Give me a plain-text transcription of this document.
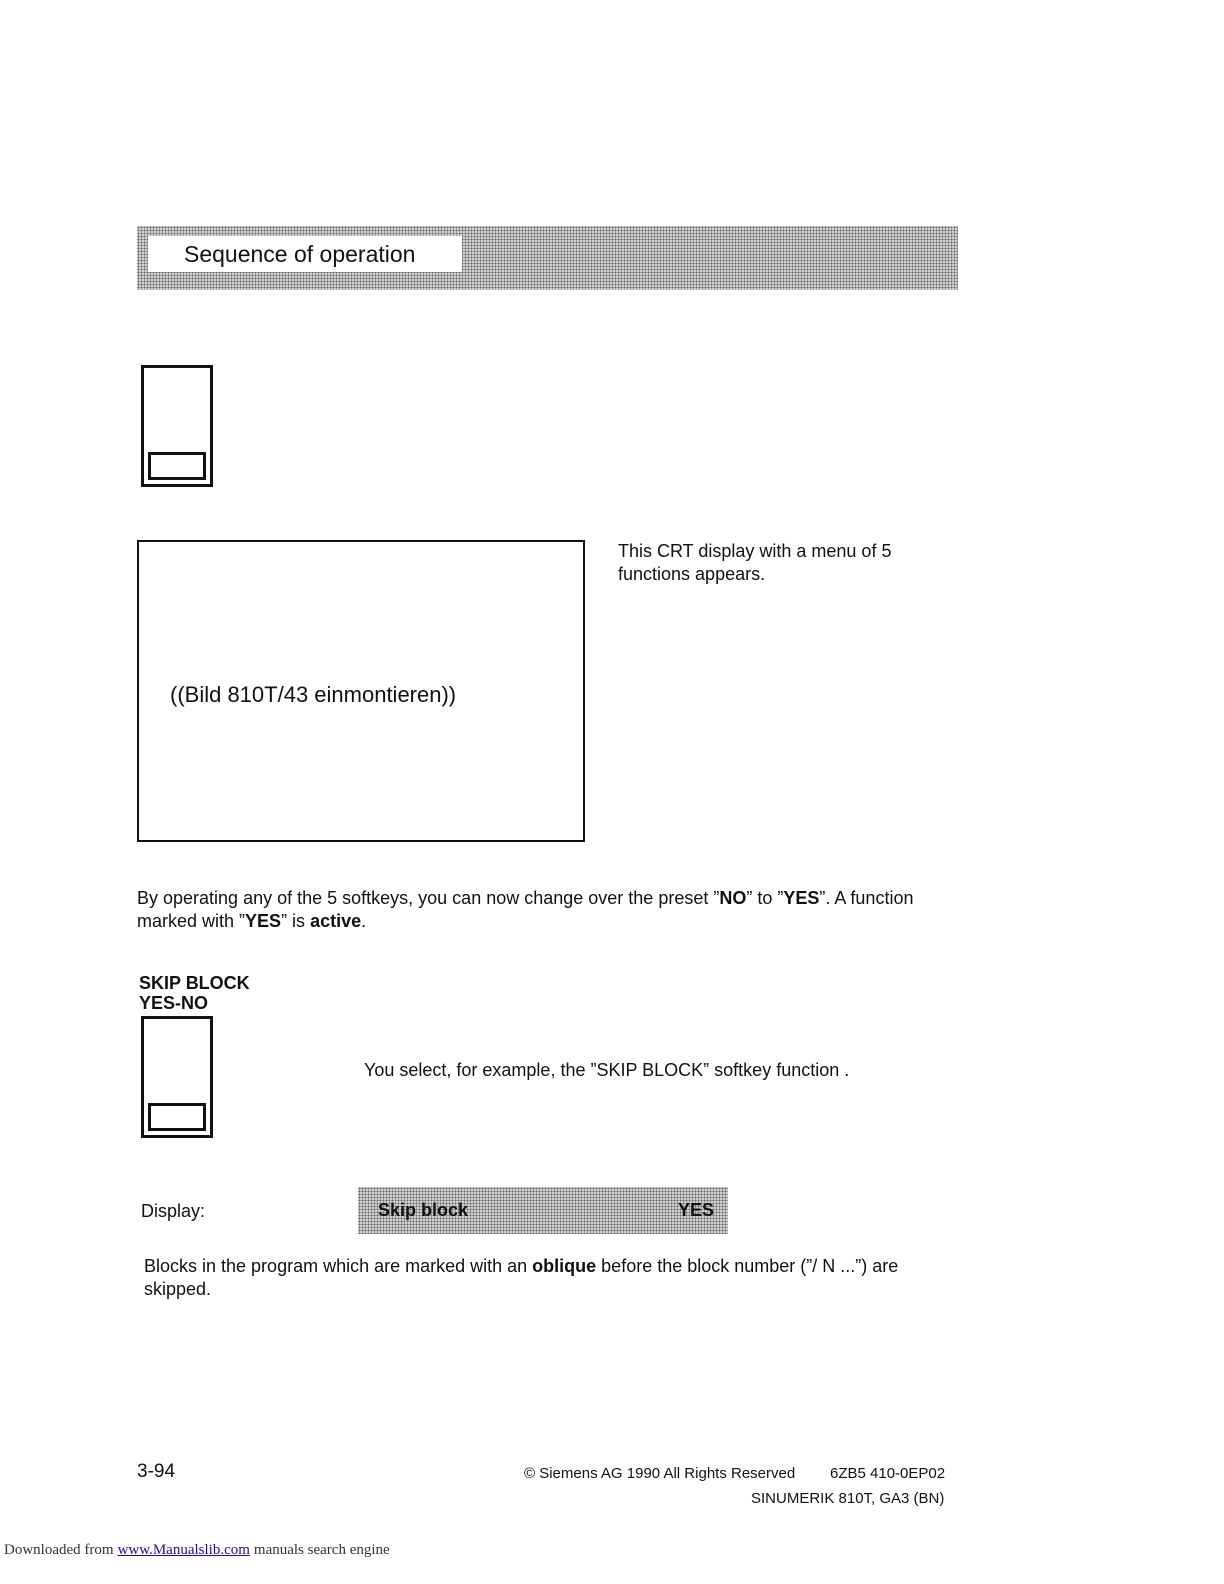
Sequence of operation
((Bild 810T/43 einmontieren))
This CRT display with a menu of 5 functions appears.
By operating any of the 5 softkeys, you can now change over the preset ”NO” to ”YES”. A function marked with ”YES” is active.
SKIP BLOCK
YES-NO
You select, for example, the ”SKIP BLOCK” softkey function .
Display:	Skip block	YES
Blocks in the program which are marked with an oblique before the block number (”/ N ...”) are skipped.
3-94	© Siemens AG 1990 All Rights Reserved 6ZB5 410-0EP02
SINUMERIK 810T, GA3 (BN)
Downloaded from www.Manualslib.com manuals search engine
